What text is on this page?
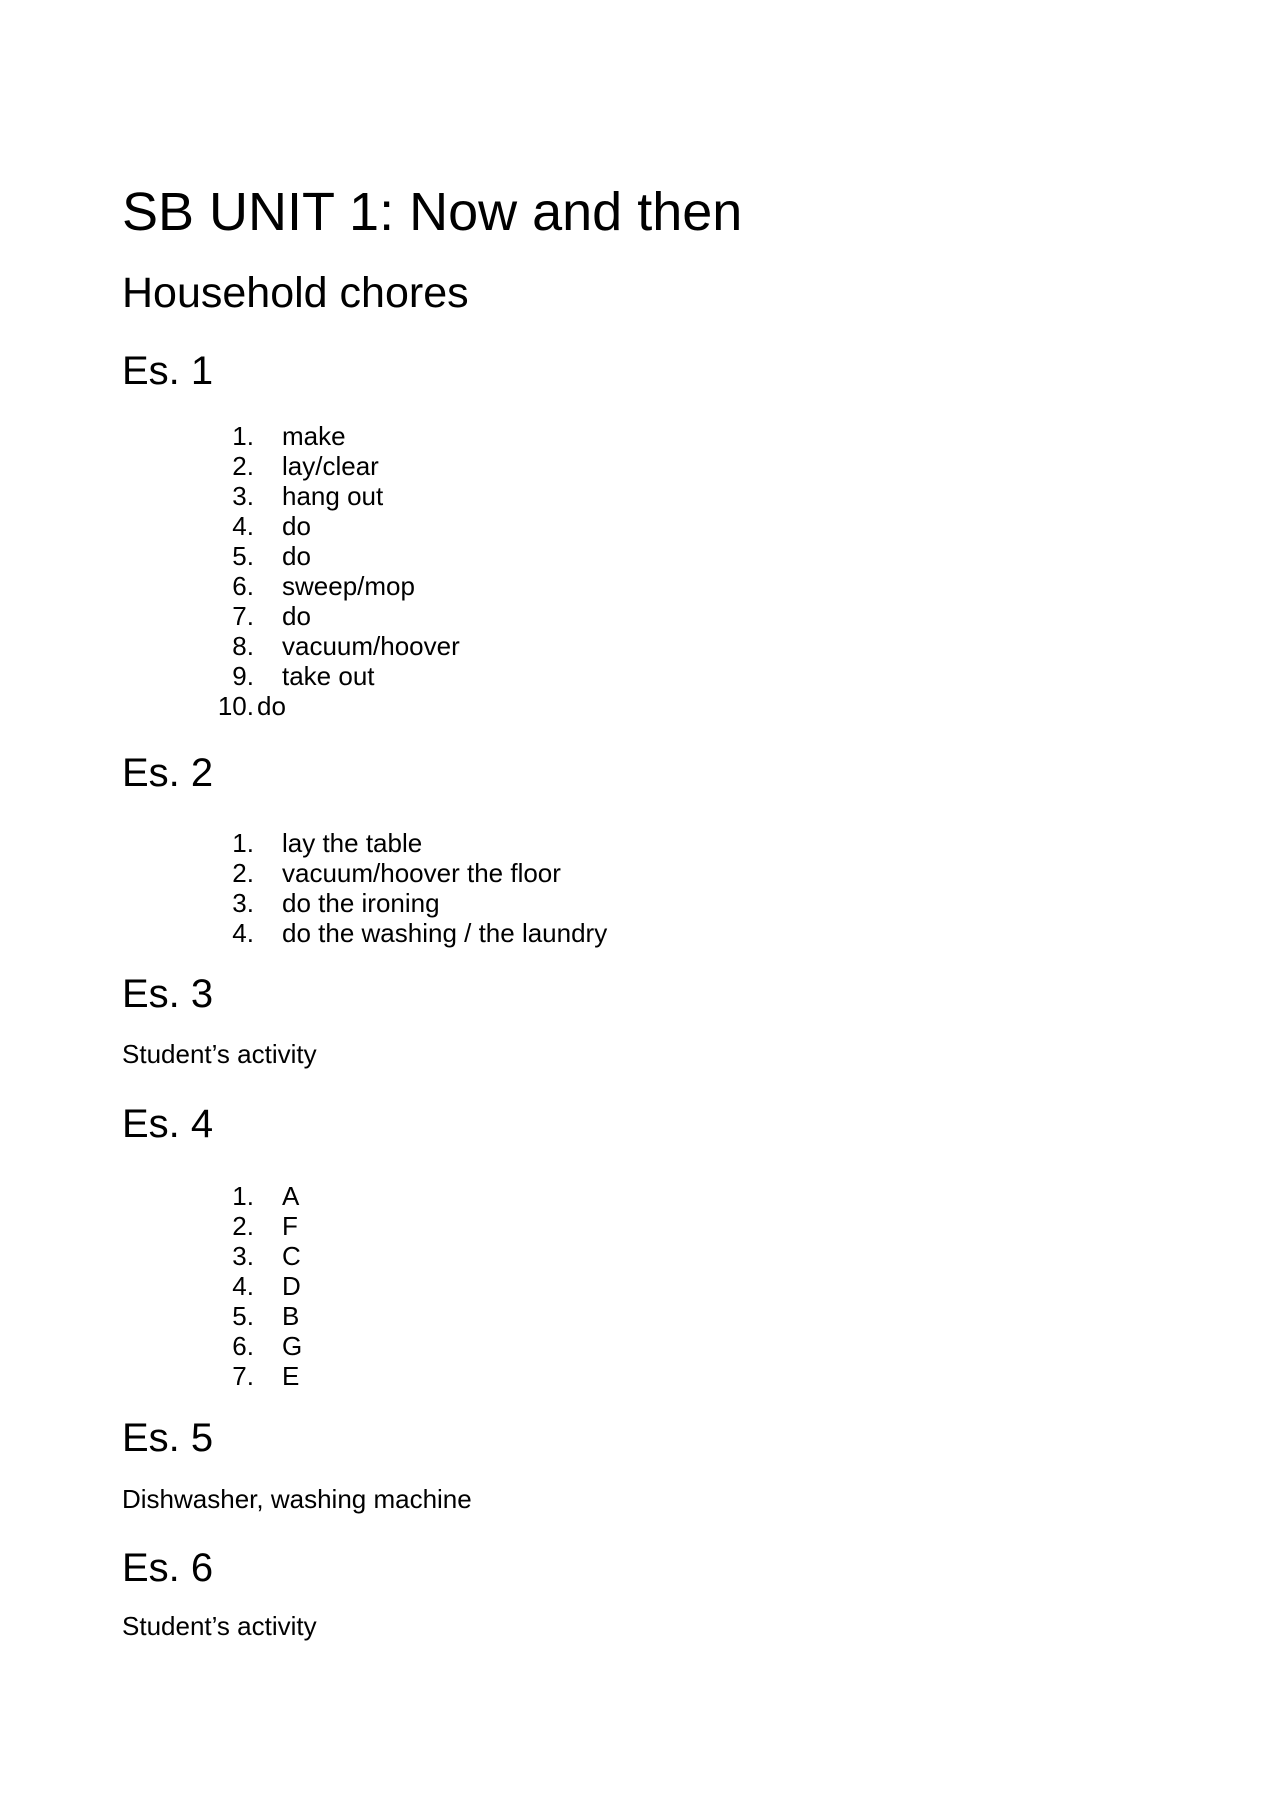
SB UNIT 1: Now and then
Household chores
Es. 1
make
lay/clear
hang out
do
do
sweep/mop
do
vacuum/hoover
take out
do
Es. 2
lay the table
vacuum/hoover the floor
do the ironing
do the washing / the laundry
Es. 3

Student’s activity

Es. 4
A
F
C
D
B
G
E
Es. 5

Dishwasher, washing machine

Es. 6

Student’s activity
